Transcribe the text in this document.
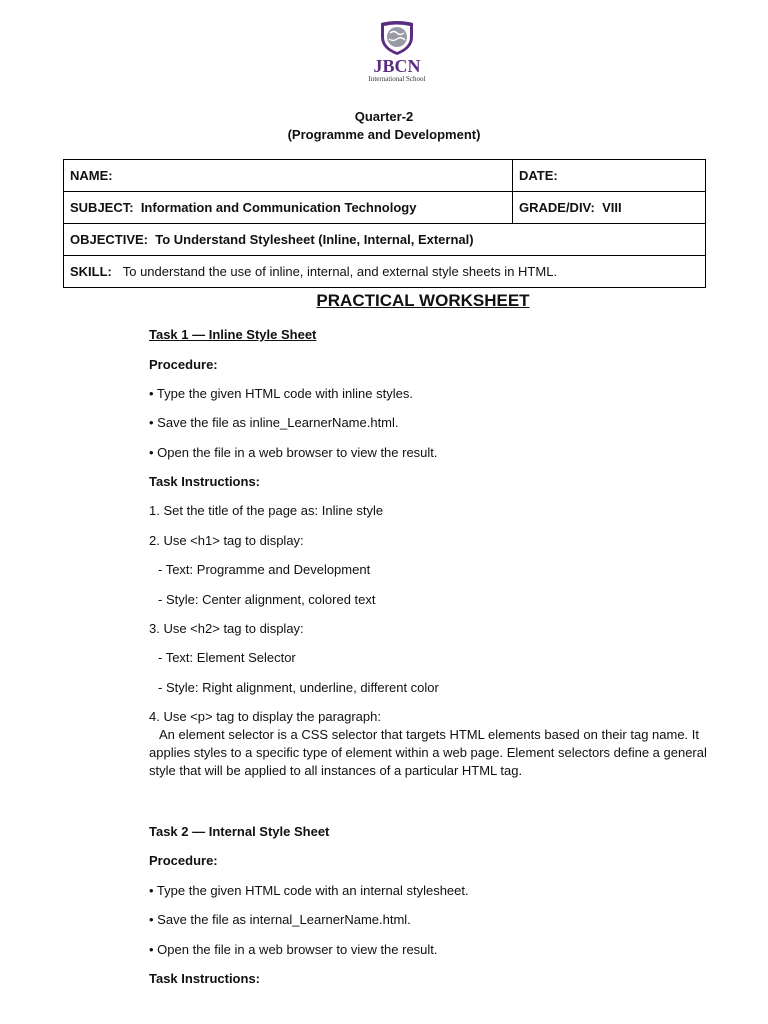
JBCN
International School
Quarter-2
(Programme and Development)
NAME:	DATE:
SUBJECT: Information and Communication Technology	GRADE/DIV: VIII
OBJECTIVE: To Understand Stylesheet (Inline, Internal, External)	
SKILL: To understand the use of inline, internal, and external style sheets in HTML.	
PRACTICAL WORKSHEET
Task 1 — Inline Style Sheet
Procedure:
• Type the given HTML code with inline styles.
• Save the file as inline_LearnerName.html.
• Open the file in a web browser to view the result.
Task Instructions:
1. Set the title of the page as: Inline style
2. Use <h1> tag to display:
- Text: Programme and Development
- Style: Center alignment, colored text
3. Use <h2> tag to display:
- Text: Element Selector
- Style: Right alignment, underline, different color
4. Use <p> tag to display the paragraph:
An element selector is a CSS selector that targets HTML elements based on their tag name. It applies styles to a specific type of element within a web page. Element selectors define a general style that will be applied to all instances of a particular HTML tag.
Task 2 — Internal Style Sheet
Procedure:
• Type the given HTML code with an internal stylesheet.
• Save the file as internal_LearnerName.html.
• Open the file in a web browser to view the result.
Task Instructions:
